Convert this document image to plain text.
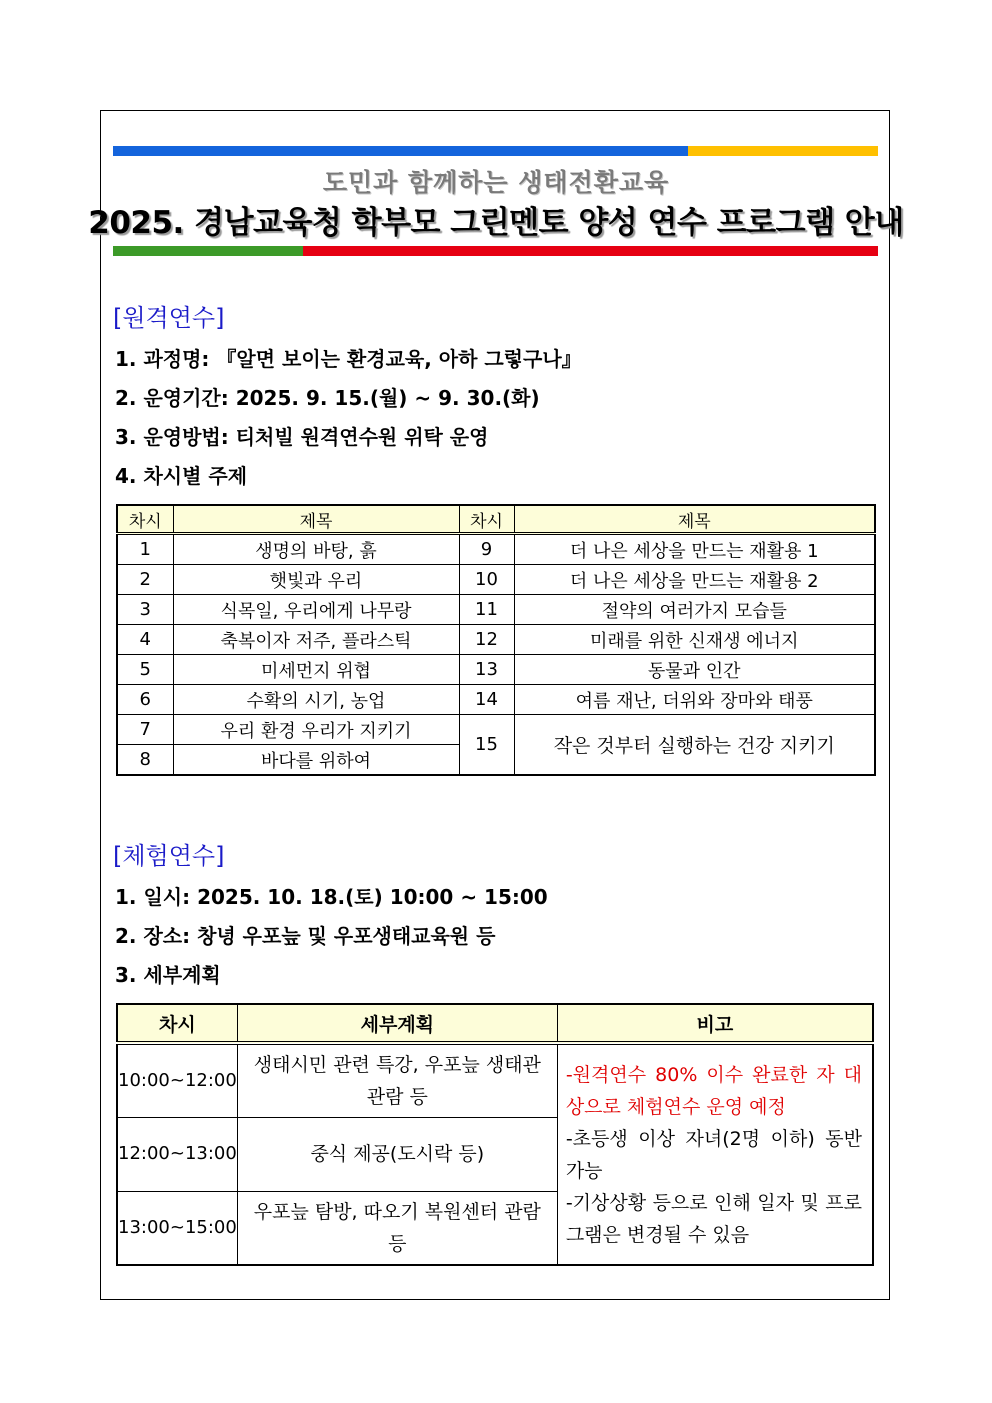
도민과 함께하는 생태전환교육
2025. 경남교육청 학부모 그린멘토 양성 연수 프로그램 안내
[원격연수]
1. 과정명: 『알면 보이는 환경교육, 아하 그렇구나』
2. 운영기간: 2025. 9. 15.(월) ~ 9. 30.(화)
3. 운영방법: 티처빌 원격연수원 위탁 운영
4. 차시별 주제
차시	제목	차시	제목
1	생명의 바탕, 흙	9	더 나은 세상을 만드는 재활용 1
2	햇빛과 우리	10	더 나은 세상을 만드는 재활용 2
3	식목일, 우리에게 나무랑	11	절약의 여러가지 모습들
4	축복이자 저주, 플라스틱	12	미래를 위한 신재생 에너지
5	미세먼지 위협	13	동물과 인간
6	수확의 시기, 농업	14	여름 재난, 더위와 장마와 태풍
7	우리 환경 우리가 지키기	15	작은 것부터 실행하는 건강 지키기
8	바다를 위하여		
[체험연수]
1. 일시: 2025. 10. 18.(토) 10:00 ~ 15:00
2. 장소: 창녕 우포늪 및 우포생태교육원 등
3. 세부계획
차시	세부계획	비고
10:00~12:00	생태시민 관련 특강, 우포늪 생태관 관람 등	-원격연수 80% 이수 완료한 자 대상으로 체험연수 운영 예정

-초등생 이상 자녀(2명 이하) 동반 가능

-기상상황 등으로 인해 일자 및 프로그램은 변경될 수 있음

12:00~13:00	중식 제공(도시락 등)	
13:00~15:00	우포늪 탐방, 따오기 복원센터 관람 등	
